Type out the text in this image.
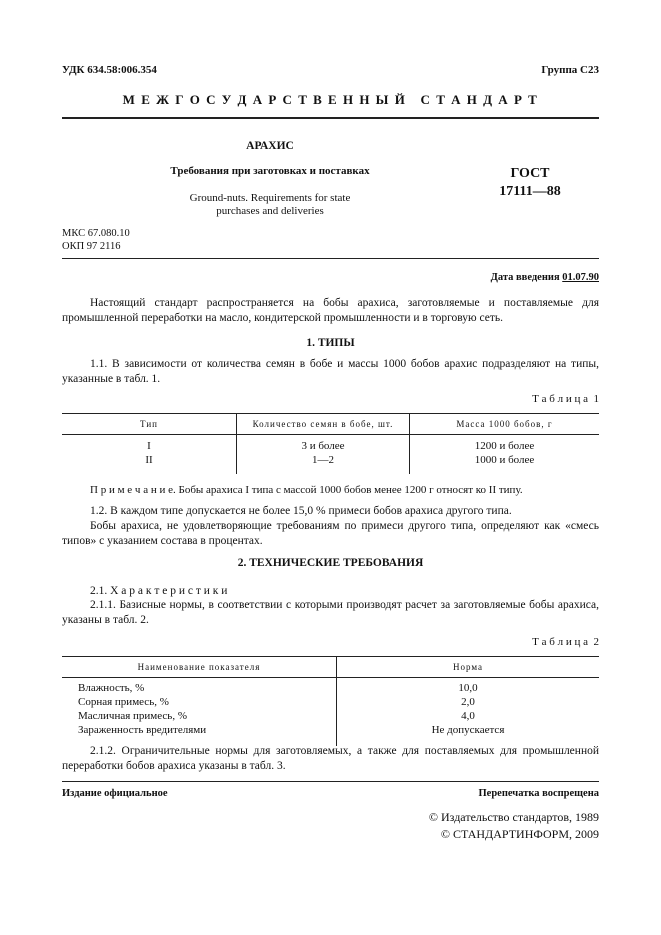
УДК 634.58:006.354	Группа С23
М Е Ж Г О С У Д А Р С Т В Е Н Н Ы Й   С Т А Н Д А Р Т
АРАХИС
Требования при заготовках и поставках
Ground-nuts. Requirements for state
purchases and deliveries
ГОСТ
17111—88
МКС 67.080.10
ОКП 97 2116
Дата введения 01.07.90
Настоящий стандарт распространяется на бобы арахиса, заготовляемые и поставляемые для промышленной переработки на масло, кондитерской промышленности и в торговую сеть.
1. ТИПЫ
1.1. В зависимости от количества семян в бобе и массы 1000 бобов арахис подразделяют на типы, указанные в табл. 1.
Т а б л и ц а  1
Тип	Количество семян в бобе, шт.	Масса 1000 бобов, г
I	3 и более	1200 и более
II	1—2	1000 и более
П р и м е ч а н и е. Бобы арахиса I типа с массой 1000 бобов менее 1200 г относят ко II типу.
1.2. В каждом типе допускается не более 15,0 % примеси бобов арахиса другого типа.
Бобы арахиса, не удовлетворяющие требованиям по примеси другого типа, определяют как «смесь типов» с указанием состава в процентах.
2. ТЕХНИЧЕСКИЕ ТРЕБОВАНИЯ
2.1. Х а р а к т е р и с т и к и
2.1.1. Базисные нормы, в соответствии с которыми производят расчет за заготовляемые бобы арахиса, указаны в табл. 2.
Т а б л и ц а  2
Наименование показателя	Норма
Влажность, %	10,0
Сорная примесь, %	2,0
Масличная примесь, %	4,0
Зараженность вредителями	Не допускается
2.1.2. Ограничительные нормы для заготовляемых, а также для поставляемых для промышленной переработки бобов арахиса указаны в табл. 3.
Издание официальное	Перепечатка воспрещена
© Издательство стандартов, 1989
© СТАНДАРТИНФОРМ, 2009
